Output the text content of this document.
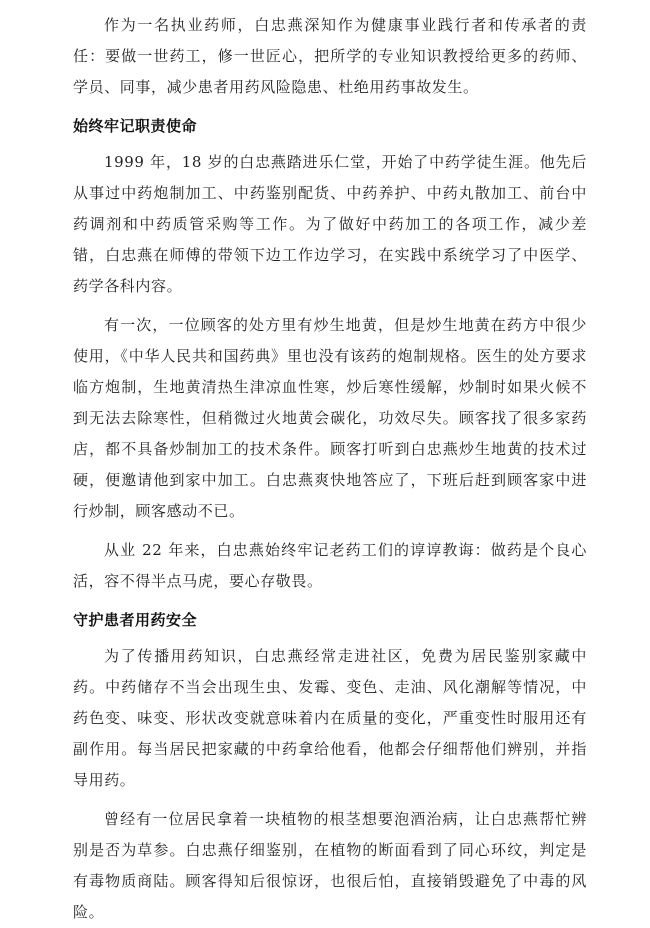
作为一名执业药师，白忠燕深知作为健康事业践行者和传承者的责任：要做一世药工，修一世匠心，把所学的专业知识教授给更多的药师、学员、同事，减少患者用药风险隐患、杜绝用药事故发生。

始终牢记职责使命

1999 年，18 岁的白忠燕踏进乐仁堂，开始了中药学徒生涯。他先后从事过中药炮制加工、中药鉴别配货、中药养护、中药丸散加工、前台中药调剂和中药质管采购等工作。为了做好中药加工的各项工作，减少差错，白忠燕在师傅的带领下边工作边学习，在实践中系统学习了中医学、药学各科内容。

有一次，一位顾客的处方里有炒生地黄，但是炒生地黄在药方中很少使用，《中华人民共和国药典》里也没有该药的炮制规格。医生的处方要求临方炮制，生地黄清热生津凉血性寒，炒后寒性缓解，炒制时如果火候不到无法去除寒性，但稍微过火地黄会碳化，功效尽失。顾客找了很多家药店，都不具备炒制加工的技术条件。顾客打听到白忠燕炒生地黄的技术过硬，便邀请他到家中加工。白忠燕爽快地答应了，下班后赶到顾客家中进行炒制，顾客感动不已。

从业 22 年来，白忠燕始终牢记老药工们的谆谆教诲：做药是个良心活，容不得半点马虎，要心存敬畏。

守护患者用药安全

为了传播用药知识，白忠燕经常走进社区，免费为居民鉴别家藏中药。中药储存不当会出现生虫、发霉、变色、走油、风化潮解等情况，中药色变、味变、形状改变就意味着内在质量的变化，严重变性时服用还有副作用。每当居民把家藏的中药拿给他看，他都会仔细帮他们辨别，并指导用药。

曾经有一位居民拿着一块植物的根茎想要泡酒治病，让白忠燕帮忙辨别是否为草参。白忠燕仔细鉴别，在植物的断面看到了同心环纹，判定是有毒物质商陆。顾客得知后很惊讶，也很后怕，直接销毁避免了中毒的风险。
